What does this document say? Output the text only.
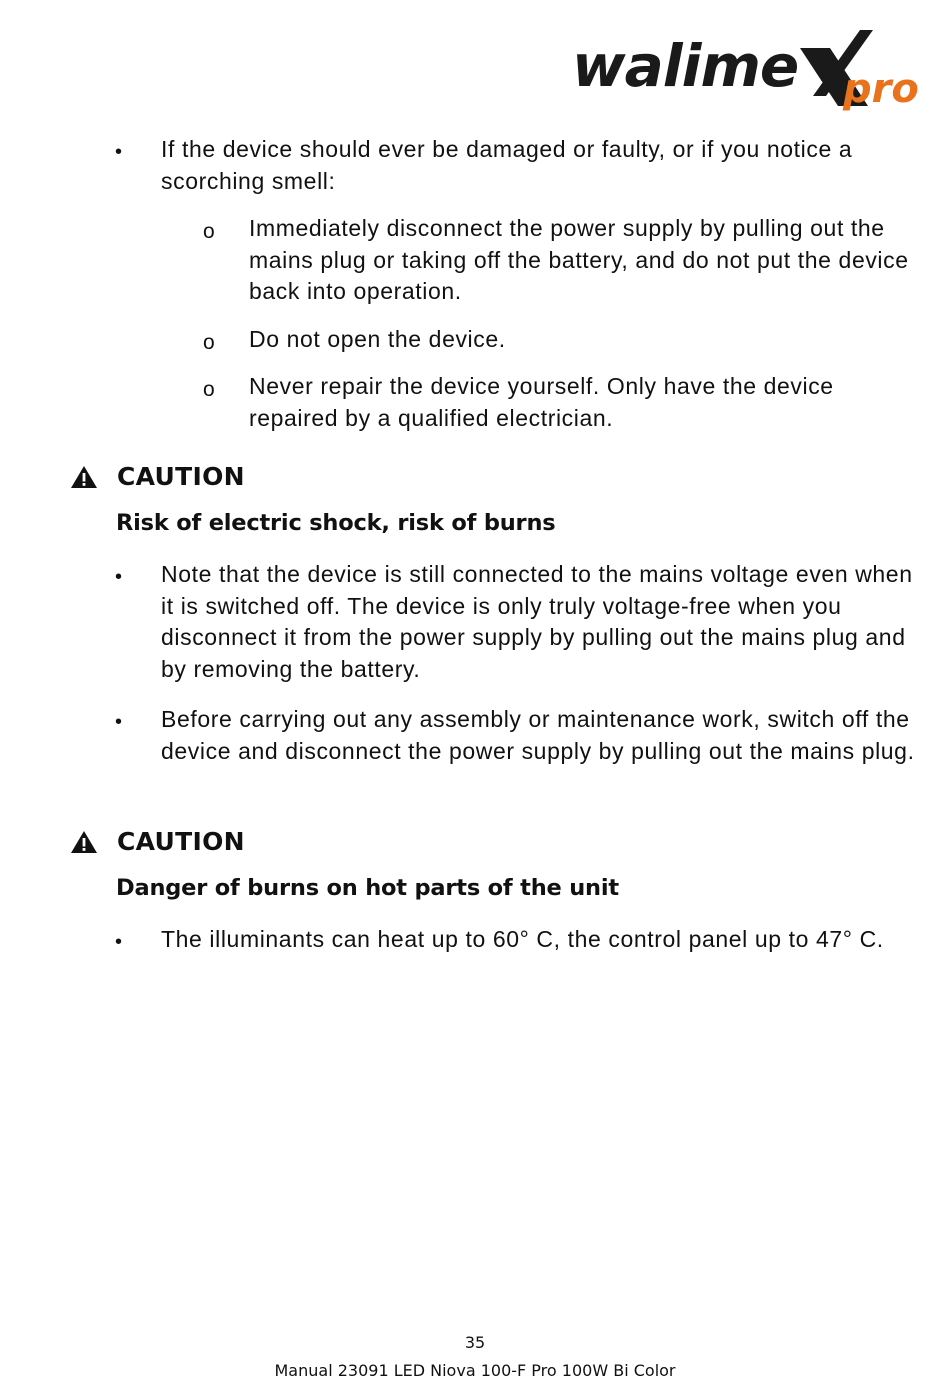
walime pro
• If the device should ever be damaged or faulty, or if you notice a scorching smell:
o Immediately disconnect the power supply by pulling out the mains plug or taking off the battery, and do not put the device back into operation.
o Do not open the device.
o Never repair the device yourself. Only have the device repaired by a qualified electrician.
CAUTION
Risk of electric shock, risk of burns
• Note that the device is still connected to the mains voltage even when it is switched off. The device is only truly voltage-free when you disconnect it from the power supply by pulling out the mains plug and by removing the battery.
• Before carrying out any assembly or maintenance work, switch off the device and disconnect the power supply by pulling out the mains plug.
CAUTION
Danger of burns on hot parts of the unit
• The illuminants can heat up to 60° C, the control panel up to 47° C.
35
Manual 23091 LED Niova 100-F Pro 100W Bi Color
